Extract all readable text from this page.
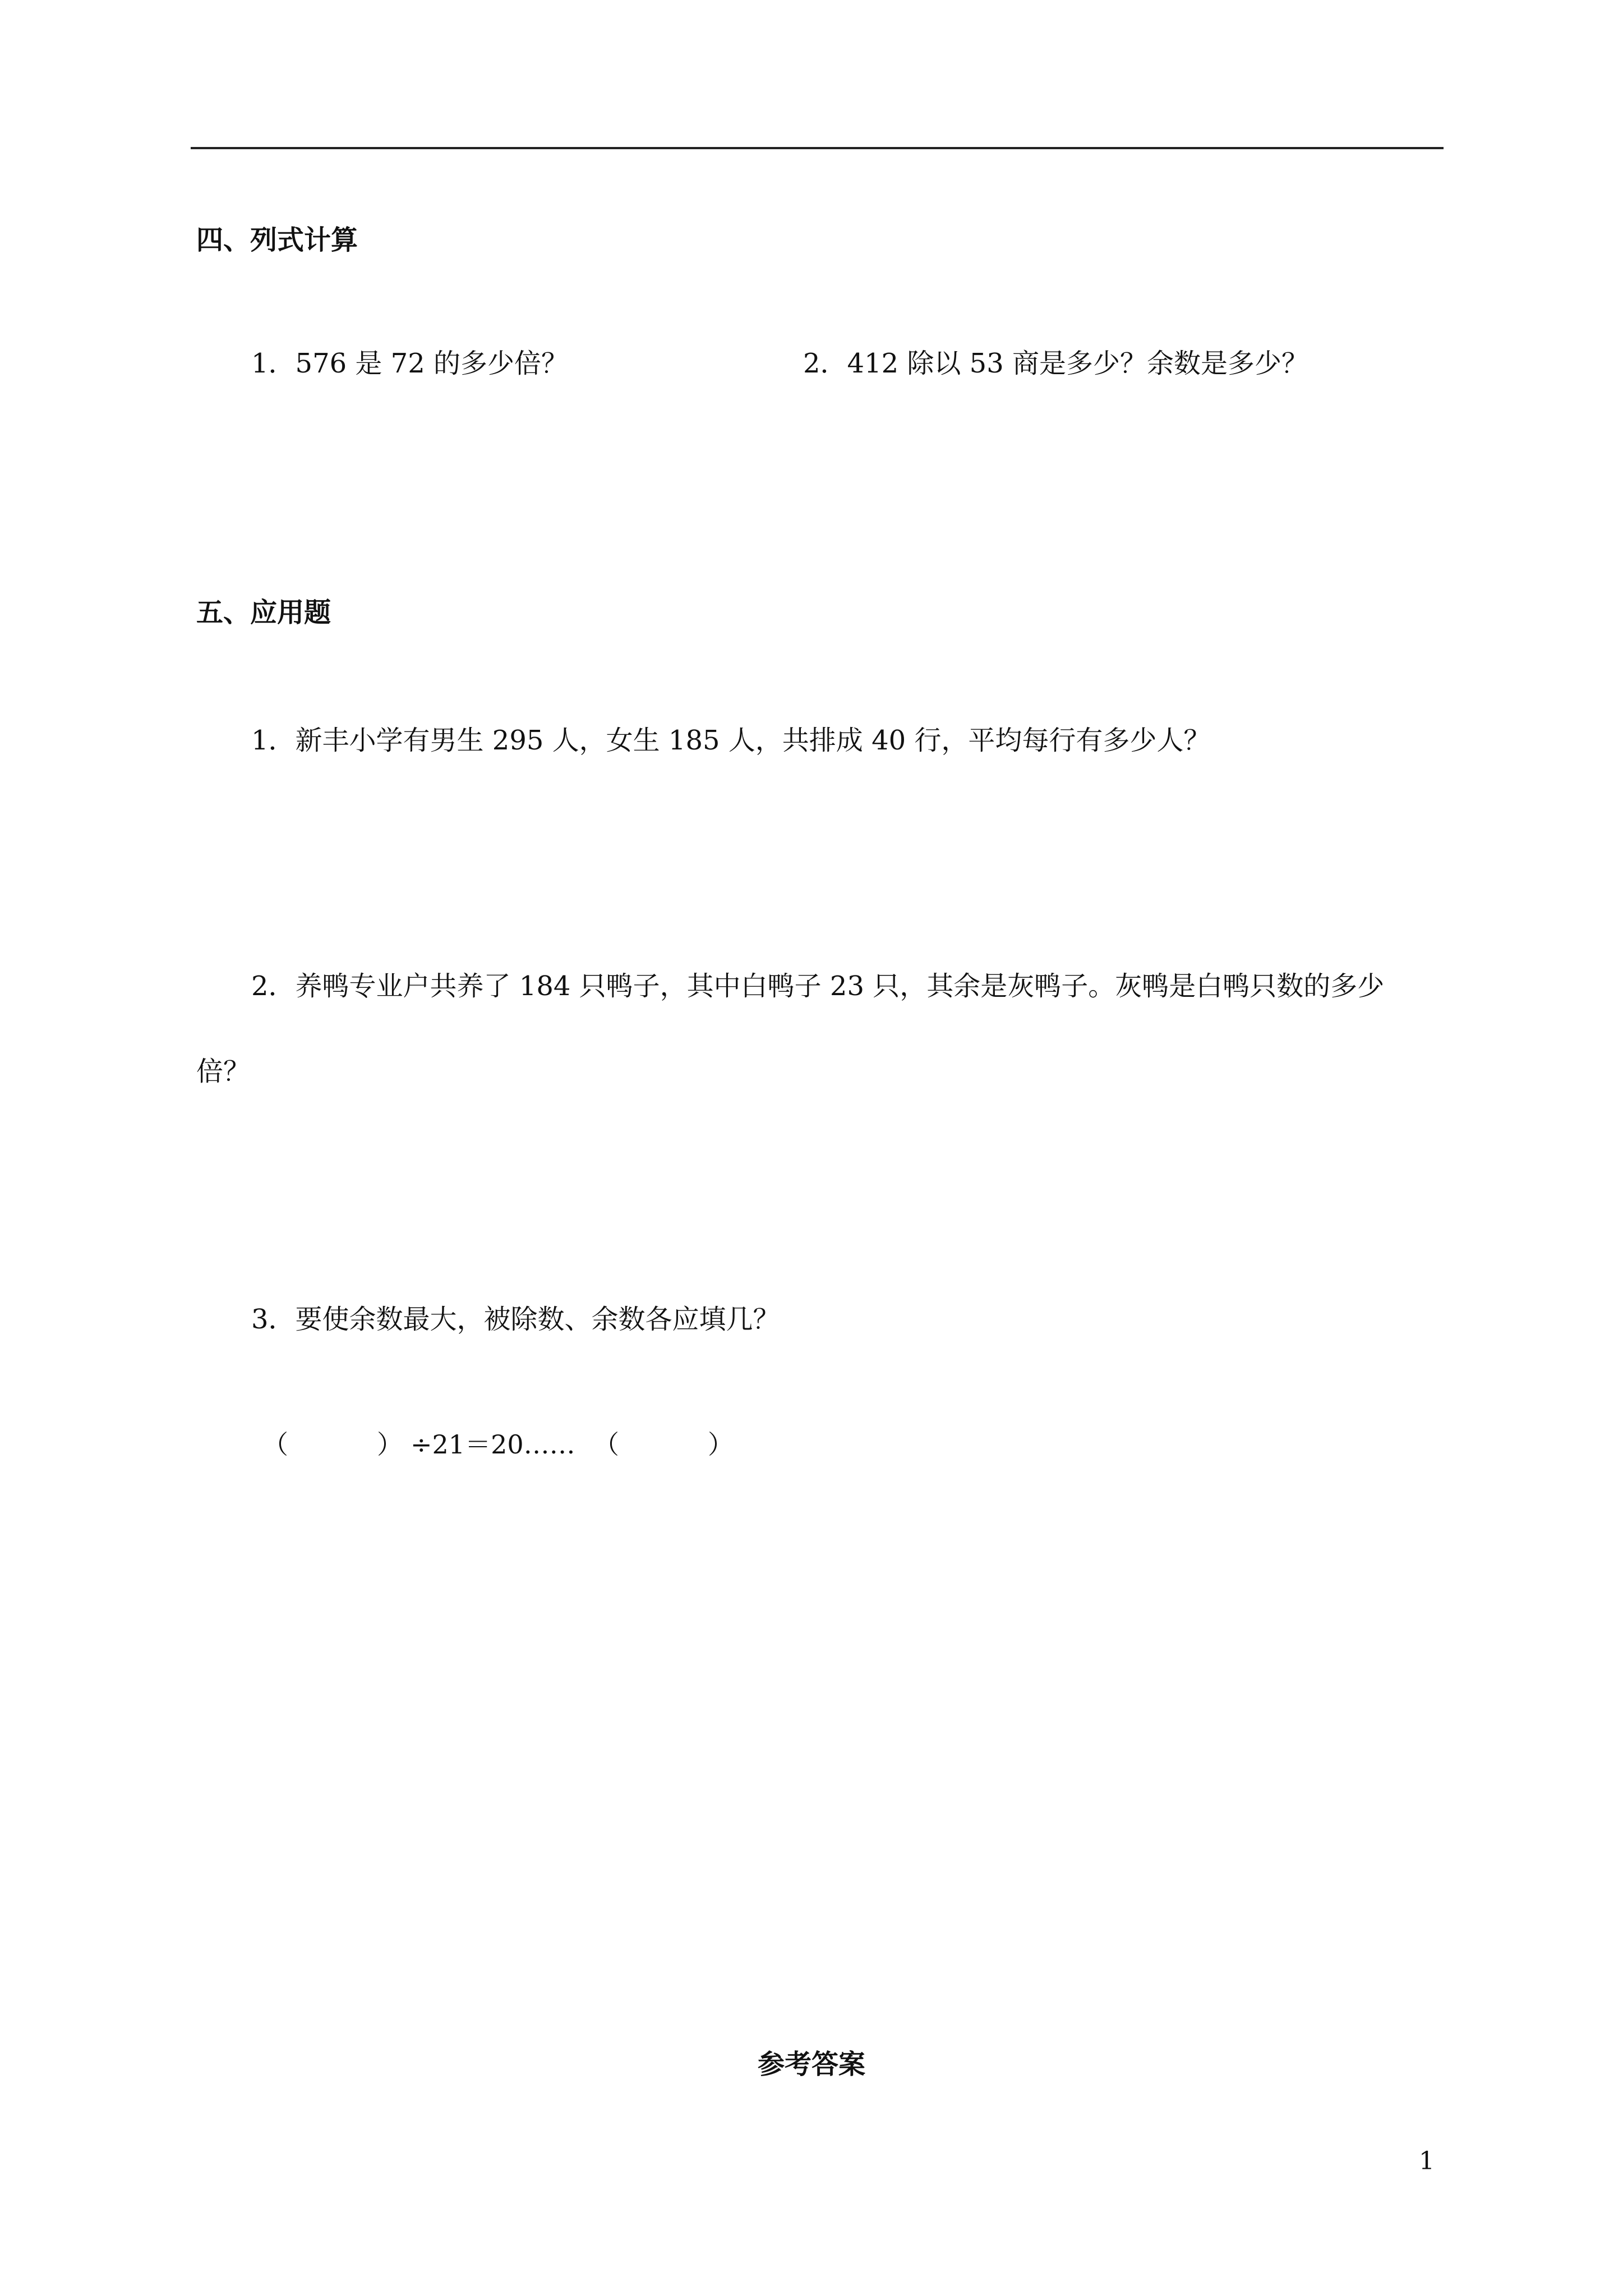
四、列式计算
1．576 是 72 的多少倍？	2．412 除以 53 商是多少？余数是多少？
五、应用题
1．新丰小学有男生 295 人，女生 185 人，共排成 40 行，平均每行有多少人？
2．养鸭专业户共养了 184 只鸭子，其中白鸭子 23 只，其余是灰鸭子。灰鸭是白鸭只数的多少
倍？
3．要使余数最大，被除数、余数各应填几？
（	） ÷21＝20…… （	）
参考答案
1
